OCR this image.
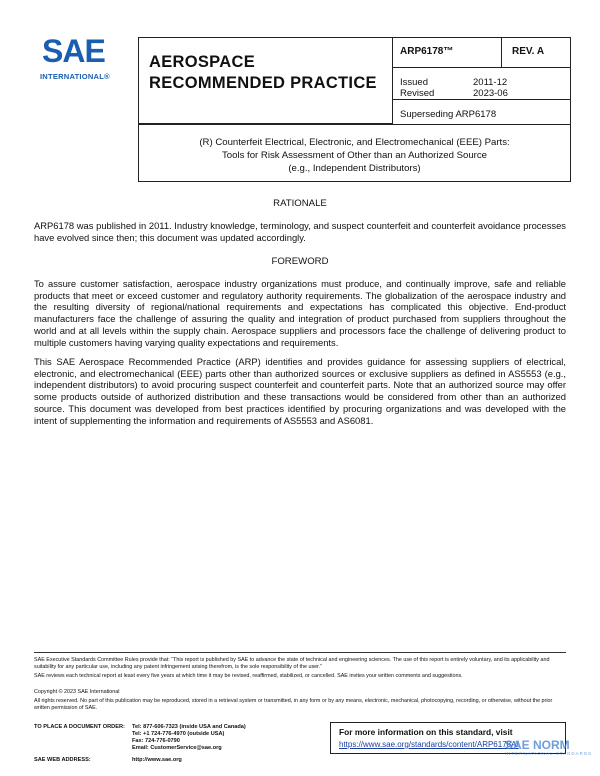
SAE
INTERNATIONAL®
AEROSPACE
RECOMMENDED PRACTICE
ARP6178™	REV. A
Issued	2011-12
Revised	2023-06
Superseding ARP6178
(R) Counterfeit Electrical, Electronic, and Electromechanical (EEE) Parts:
Tools for Risk Assessment of Other than an Authorized Source
(e.g., Independent Distributors)
RATIONALE
ARP6178 was published in 2011. Industry knowledge, terminology, and suspect counterfeit and counterfeit avoidance processes have evolved since then; this document was updated accordingly.
FOREWORD
To assure customer satisfaction, aerospace industry organizations must produce, and continually improve, safe and reliable products that meet or exceed customer and regulatory authority requirements. The globalization of the aerospace industry and the resulting diversity of regional/national requirements and expectations has complicated this objective. End-product manufacturers face the challenge of assuring the quality and integration of product purchased from suppliers throughout the world and at all levels within the supply chain. Aerospace suppliers and processors face the challenge of delivering product to multiple customers having varying quality expectations and requirements.
This SAE Aerospace Recommended Practice (ARP) identifies and provides guidance for assessing suppliers of electrical, electronic, and electromechanical (EEE) parts other than authorized sources or exclusive suppliers as defined in AS5553 (e.g., independent distributors) to avoid procuring suspect counterfeit and counterfeit parts. Note that an authorized source may offer some products outside of authorized distribution and these transactions would be considered from other than an authorized source. This document was developed from best practices identified by procuring organizations and was developed with the intent of supplementing the information and requirements of AS5553 and AS6081.
SAE Executive Standards Committee Rules provide that: “This report is published by SAE to advance the state of technical and engineering sciences. The use of this report is entirely voluntary, and its applicability and suitability for any particular use, including any patent infringement arising therefrom, is the sole responsibility of the user.”
SAE reviews each technical report at least every five years at which time it may be revised, reaffirmed, stabilized, or cancelled. SAE invites your written comments and suggestions.
Copyright © 2023 SAE International
All rights reserved. No part of this publication may be reproduced, stored in a retrieval system or transmitted, in any form or by any means, electronic, mechanical, photocopying, recording, or otherwise, without the prior written permission of SAE.
TO PLACE A DOCUMENT ORDER: Tel: 877-606-7323 (inside USA and Canada)
Tel: +1 724-776-4970 (outside USA)
Fax: 724-776-0790
Email: CustomerService@sae.org
SAE WEB ADDRESS:	http://www.sae.org
For more information on this standard, visit
https://www.sae.org/standards/content/ARP6178A/
SAE NORM
INTERNATIONAL STANDARDS
